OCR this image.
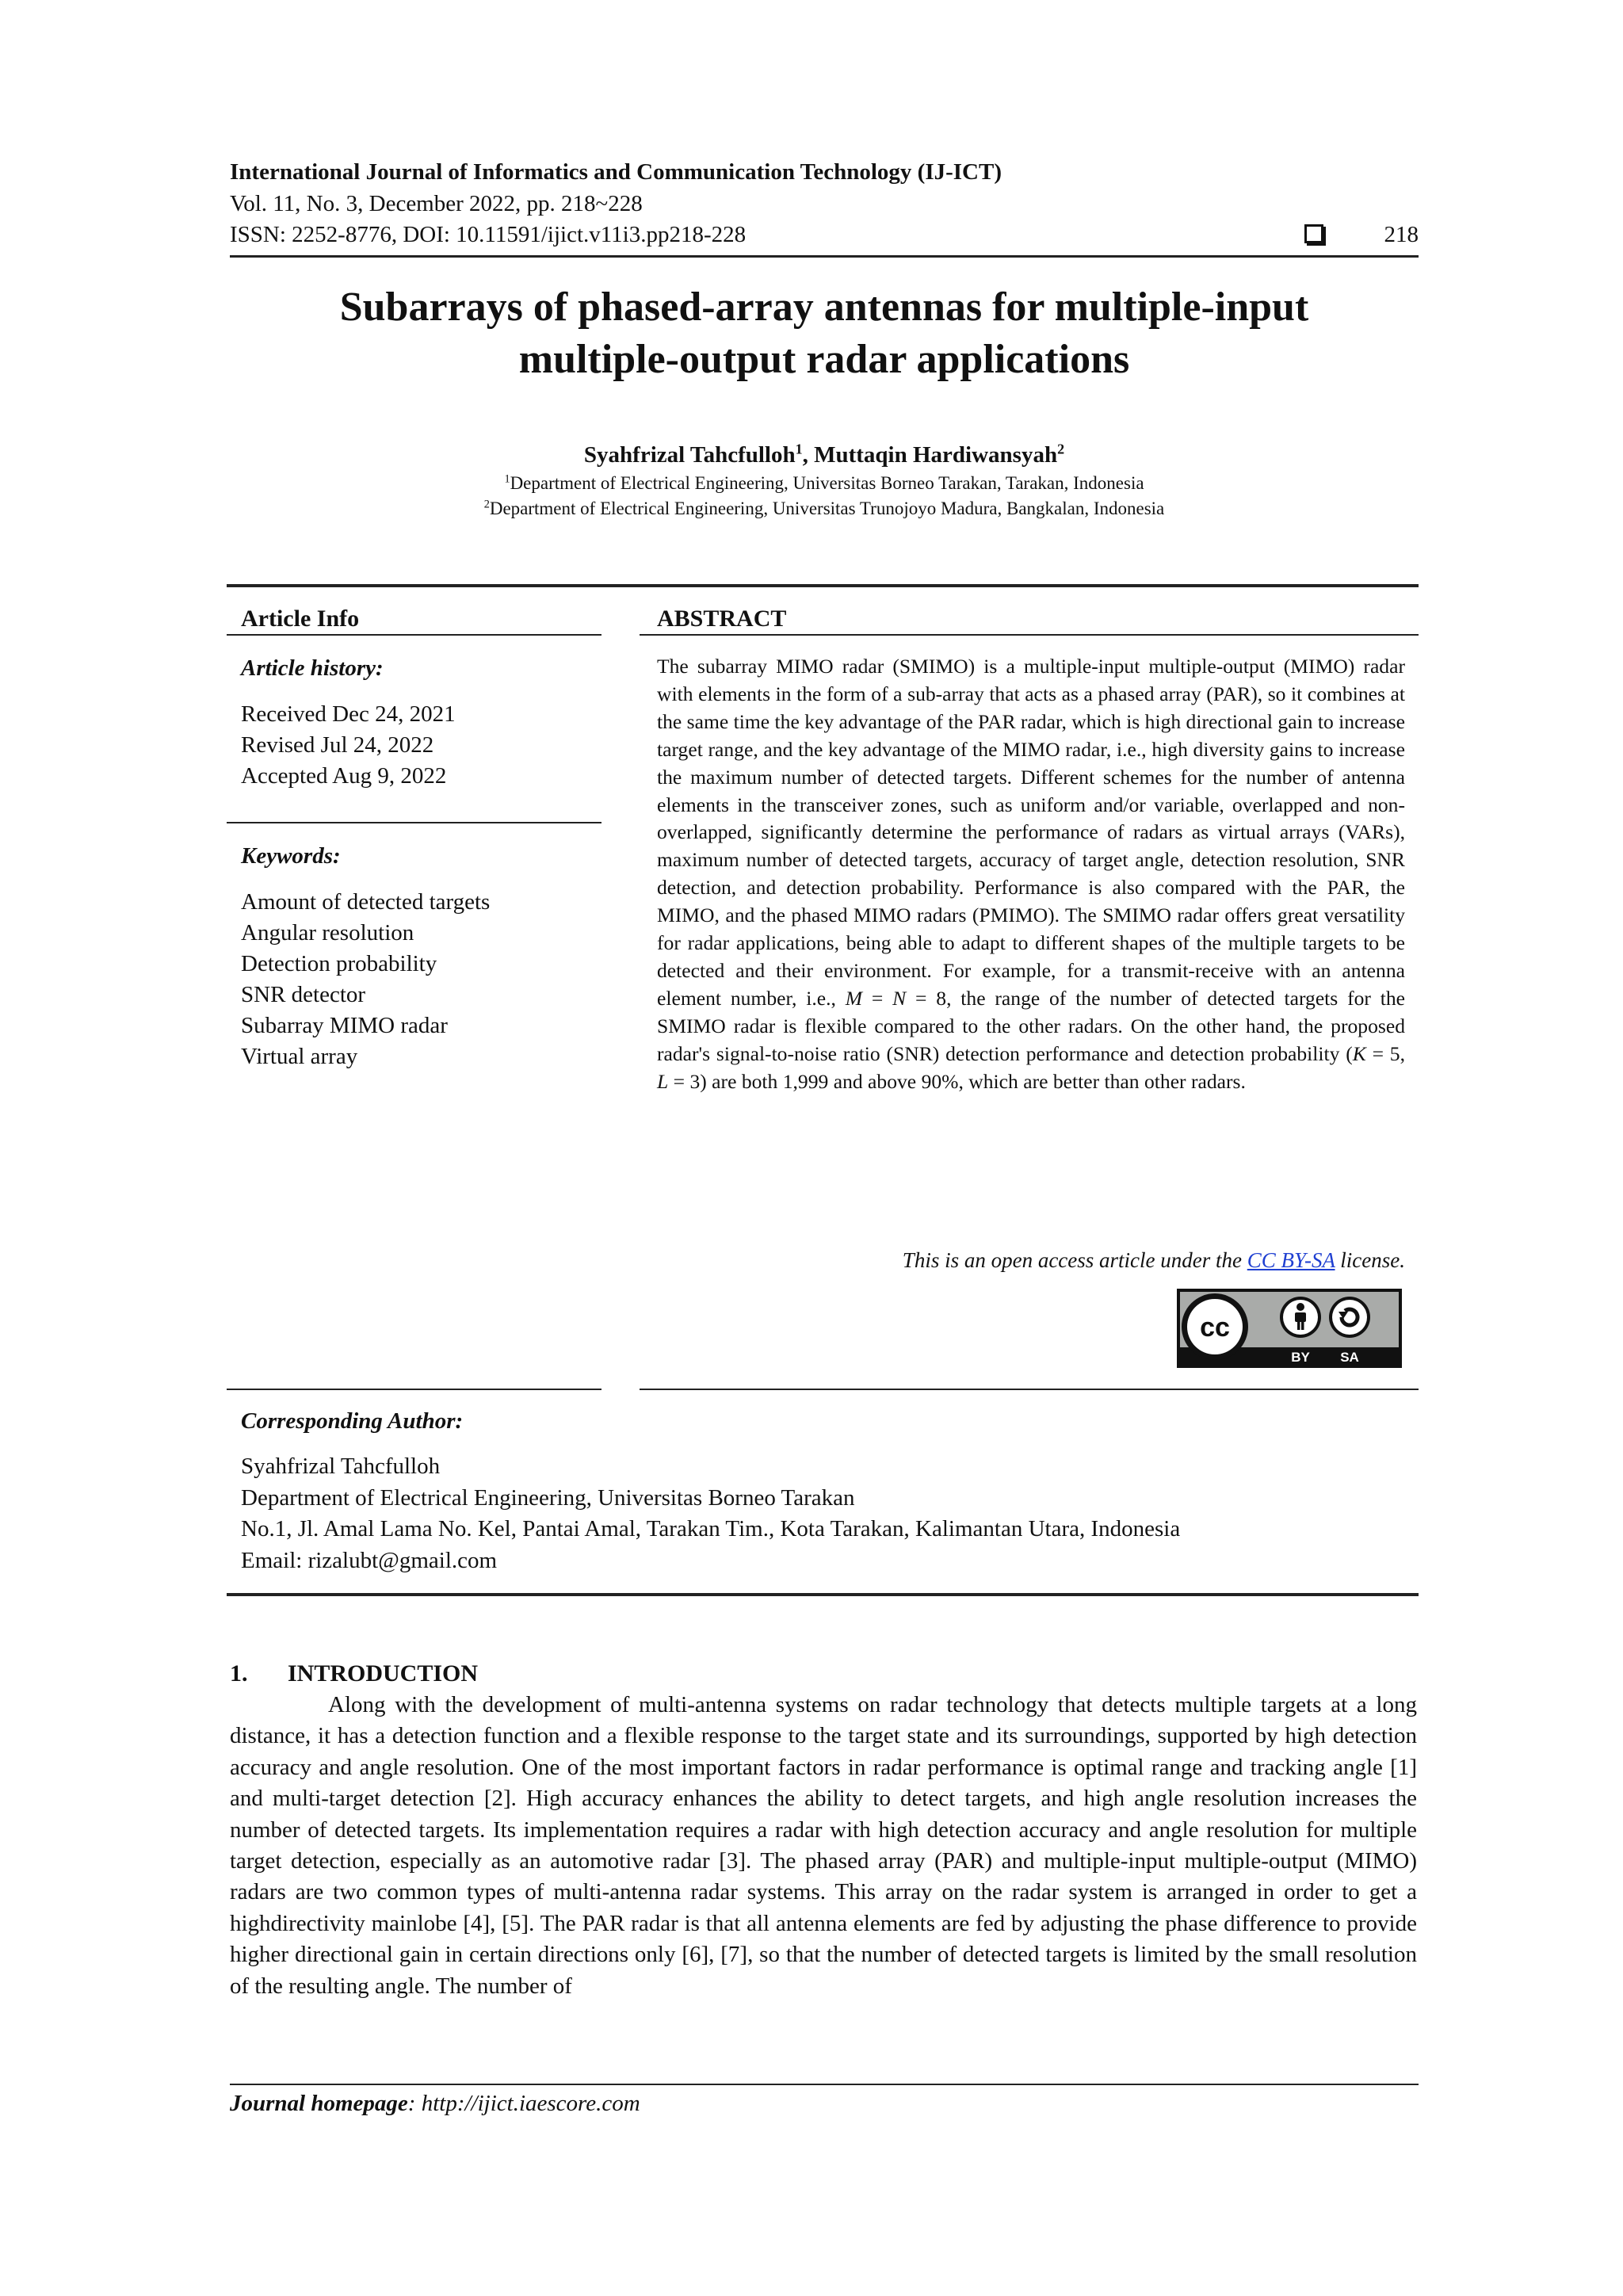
International Journal of Informatics and Communication Technology (IJ-ICT)
Vol. 11, No. 3, December 2022, pp. 218~228
ISSN: 2252-8776, DOI: 10.11591/ijict.v11i3.pp218-228	218
Subarrays of phased-array antennas for multiple-input
multiple-output radar applications
Syahfrizal Tahcfulloh$^1$, Muttaqin Hardiwansyah$^2$
$^1$Department of Electrical Engineering, Universitas Borneo Tarakan, Tarakan, Indonesia
$^2$Department of Electrical Engineering, Universitas Trunojoyo Madura, Bangkalan, Indonesia
Article Info
Article history:
Received Dec 24, 2021
Revised Jul 24, 2022
Accepted Aug 9, 2022
Keywords:
Amount of detected targets
Angular resolution
Detection probability
SNR detector
Subarray MIMO radar
Virtual array
ABSTRACT
The subarray MIMO radar (SMIMO) is a multiple-input multiple-output (MIMO) radar with elements in the form of a sub-array that acts as a phased array (PAR), so it combines at the same time the key advantage of the PAR radar, which is high directional gain to increase target range, and the key advantage of the MIMO radar, i.e., high diversity gains to increase the maximum number of detected targets. Different schemes for the number of antenna elements in the transceiver zones, such as uniform and/or variable, overlapped and non-overlapped, significantly determine the performance of radars as virtual arrays (VARs), maximum number of detected targets, accuracy of target angle, detection resolution, SNR detection, and detection probability. Performance is also compared with the PAR, the MIMO, and the phased MIMO radars (PMIMO). The SMIMO radar offers great versatility for radar applications, being able to adapt to different shapes of the multiple targets to be detected and their environment. For example, for a transmit-receive with an antenna element number, i.e., M = N = 8, the range of the number of detected targets for the SMIMO radar is flexible compared to the other radars. On the other hand, the proposed radar's signal-to-noise ratio (SNR) detection performance and detection probability (K = 5, L = 3) are both 1,999 and above 90%, which are better than other radars.
This is an open access article under the CC BY-SA license.
cc
BY SA
Corresponding Author:
Syahfrizal Tahcfulloh
Department of Electrical Engineering, Universitas Borneo Tarakan
No.1, Jl. Amal Lama No. Kel, Pantai Amal, Tarakan Tim., Kota Tarakan, Kalimantan Utara, Indonesia
Email: rizalubt@gmail.com
1. INTRODUCTION
Along with the development of multi-antenna systems on radar technology that detects multiple targets at a long distance, it has a detection function and a flexible response to the target state and its surroundings, supported by high detection accuracy and angle resolution. One of the most important factors in radar performance is optimal range and tracking angle [1] and multi-target detection [2]. High accuracy enhances the ability to detect targets, and high angle resolution increases the number of detected targets. Its implementation requires a radar with high detection accuracy and angle resolution for multiple target detection, especially as an automotive radar [3]. The phased array (PAR) and multiple-input multiple-output (MIMO) radars are two common types of multi-antenna radar systems. This array on the radar system is arranged in order to get a highdirectivity mainlobe [4], [5]. The PAR radar is that all antenna elements are fed by adjusting the phase difference to provide higher directional gain in certain directions only [6], [7], so that the number of detected targets is limited by the small resolution of the resulting angle. The number of
Journal homepage: http://ijict.iaescore.com
